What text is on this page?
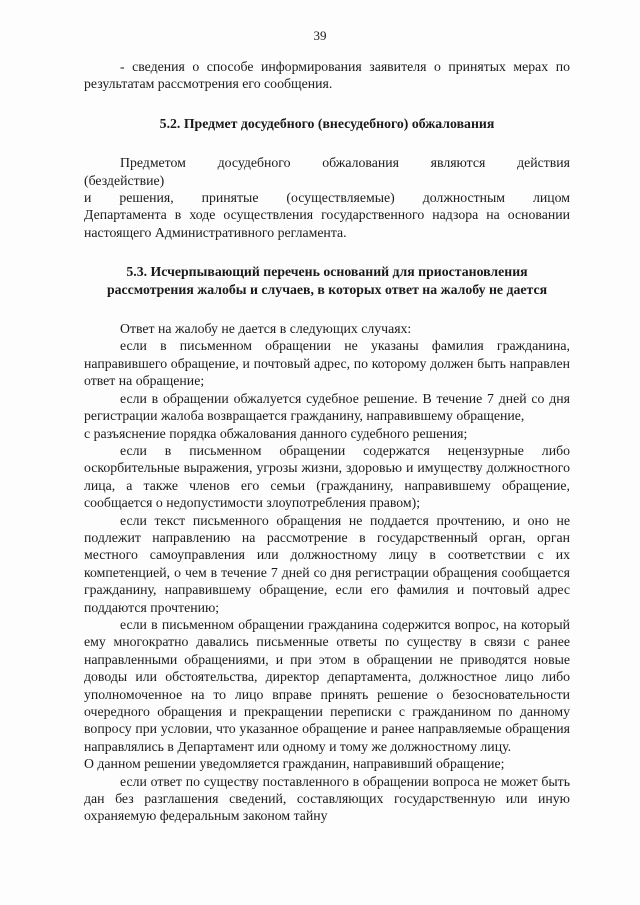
39

- сведения о способе информирования заявителя о принятых мерах по результатам рассмотрения его сообщения.

5.2. Предмет досудебного (внесудебного) обжалования

Предметом досудебного обжалования являются действия

(бездействие)

и решения, принятые (осуществляемые) должностным лицом

Департамента в ходе осуществления государственного надзора на основании настоящего Административного регламента.

5.3. Исчерпывающий перечень оснований для приостановления
рассмотрения жалобы и случаев, в которых ответ на жалобу не дается

Ответ на жалобу не дается в следующих случаях:

если в письменном обращении не указаны фамилия гражданина, направившего обращение, и почтовый адрес, по которому должен быть направлен ответ на обращение;

если в обращении обжалуется судебное решение. В течение 7 дней со дня регистрации жалоба возвращается гражданину, направившему обращение,

с разъяснение порядка обжалования данного судебного решения;

если в письменном обращении содержатся нецензурные либо оскорбительные выражения, угрозы жизни, здоровью и имуществу должностного лица, а также членов его семьи (гражданину, направившему обращение, сообщается о недопустимости злоупотребления правом);

если текст письменного обращения не поддается прочтению, и оно не подлежит направлению на рассмотрение в государственный орган, орган местного самоуправления или должностному лицу в соответствии с их компетенцией, о чем в течение 7 дней со дня регистрации обращения сообщается гражданину, направившему обращение, если его фамилия и почтовый адрес поддаются прочтению;

если в письменном обращении гражданина содержится вопрос, на который ему многократно давались письменные ответы по существу в связи с ранее направленными обращениями, и при этом в обращении не приводятся новые доводы или обстоятельства, директор департамента, должностное лицо либо уполномоченное на то лицо вправе принять решение о безосновательности очередного обращения и прекращении переписки с гражданином по данному вопросу при условии, что указанное обращение и ранее направляемые обращения направлялись в Департамент или одному и тому же должностному лицу.

О данном решении уведомляется гражданин, направивший обращение;

если ответ по существу поставленного в обращении вопроса не может быть дан без разглашения сведений, составляющих государственную или иную охраняемую федеральным законом тайну
